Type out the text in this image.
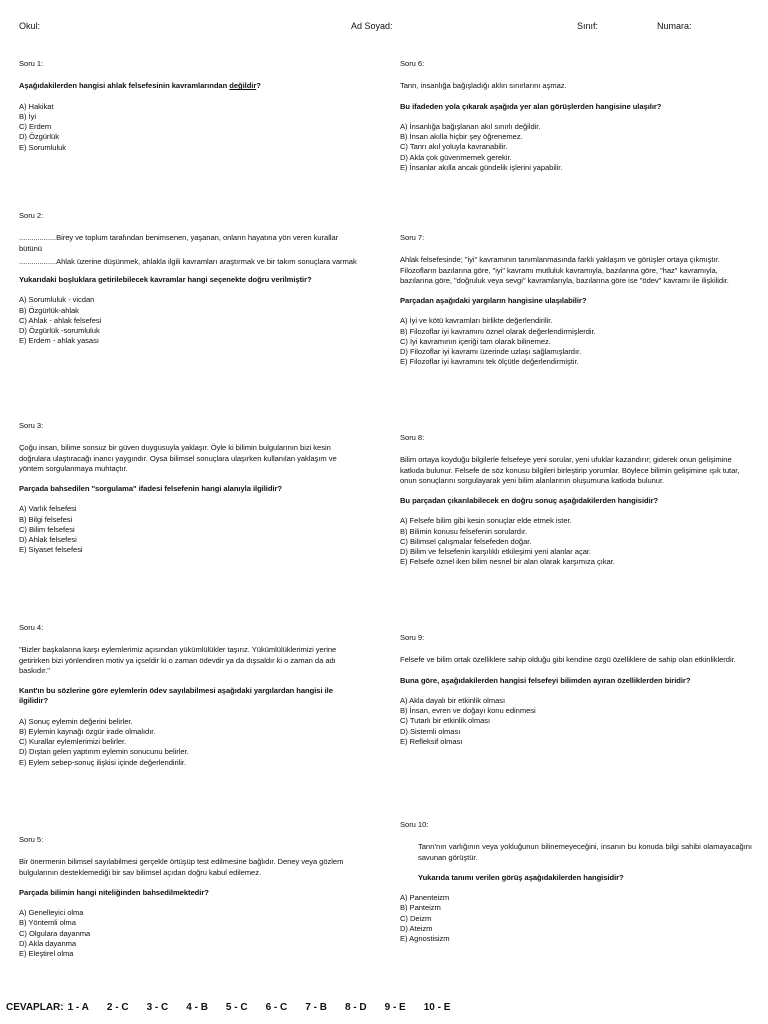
Okul:	Ad Soyad:	Sınıf:	Numara:
Soru 1:
Aşağıdakilerden hangisi ahlak felsefesinin kavramlarından değildir?
A) Hakikat
B) İyi
C) Erdem
D) Özgürlük
E) Sorumluluk
Soru 2:

..................Birey ve toplum tarafından benimsenen, yaşanan, onların hayatına yön veren kurallar bütünü

..................Ahlak üzerine düşünmek, ahlakla ilgili kavramları araştırmak ve bir takım sonuçlara varmak

Yukarıdaki boşluklara getirilebilecek kavramlar hangi seçenekte doğru verilmiştir?
A) Sorumluluk - vicdan
B) Özgürlük-ahlak
C) Ahlak - ahlak felsefesi
D) Özgürlük -sorumluluk
E) Erdem - ahlak yasası
Soru 3:

Çoğu insan, bilime sonsuz bir güven duygusuyla yaklaşır. Öyle ki bilimin bulgularının bizi kesin doğrulara ulaştıracağı inancı yaygındır. Oysa bilimsel sonuçlara ulaşırken kullanılan yaklaşım ve yöntem sorgulanmaya muhtaçtır.

Parçada bahsedilen "sorgulama" ifadesi felsefenin hangi alanıyla ilgilidir?
A) Varlık felsefesi
B) Bilgi felsefesi
C) Bilim felsefesi
D) Ahlak felsefesi
E) Siyaset felsefesi
Soru 4:

"Bizler başkalarına karşı eylemlerimiz açısından yükümlülükler taşırız. Yükümlülüklerimizi yerine getirirken bizi yönlendiren motiv ya içseldir ki o zaman ödevdir ya da dışsaldır ki o zaman da adı baskıdır."

Kant'ın bu sözlerine göre eylemlerin ödev sayılabilmesi aşağıdaki yargılardan hangisi ile ilgilidir?
A) Sonuç eylemin değerini belirler.
B) Eylemin kaynağı özgür irade olmalıdır.
C) Kurallar eylemlerimizi belirler.
D) Dıştan gelen yaptırım eylemin sonucunu belirler.
E) Eylem sebep-sonuç ilişkisi içinde değerlendirilir.
Soru 5:

Bir önermenin bilimsel sayılabilmesi gerçekle örtüşüp test edilmesine bağlıdır. Deney veya gözlem bulgularının desteklemediği bir sav bilimsel açıdan doğru kabul edilemez.

Parçada bilimin hangi niteliğinden bahsedilmektedir?
A) Genelleyici olma
B) Yöntemli olma
C) Olgulara dayanma
D) Akla dayanma
E) Eleştirel olma
Soru 6:

Tanrı, insanlığa bağışladığı aklın sınırlarını aşmaz.

Bu ifadeden yola çıkarak aşağıda yer alan görüşlerden hangisine ulaşılır?
A) İnsanlığa bağışlanan akıl sınırlı değildir.
B) İnsan akılla hiçbir şey öğrenemez.
C) Tanrı akıl yoluyla kavranabilir.
D) Akla çok güvenmemek gerekir.
E) İnsanlar akılla ancak gündelik işlerini yapabilir.
Soru 7:

Ahlak felsefesinde; "iyi" kavramının tanımlanmasında farklı yaklaşım ve görüşler ortaya çıkmıştır. Filozofların bazılarına göre, "iyi" kavramı mutluluk kavramıyla, bazılarına göre, "haz" kavramıyla, bazılarına göre, "doğruluk veya sevgi" kavramlarıyla, bazılarına göre ise "ödev" kavramı ile ilişkilidir.

Parçadan aşağıdaki yargıların hangisine ulaşılabilir?
A) İyi ve kötü kavramları birlikte değerlendirilir.
B) Filozoflar iyi kavramını öznel olarak değerlendirmişlerdir.
C) İyi kavramının içeriği tam olarak bilinemez.
D) Filozoflar iyi kavramı üzerinde uzlaşı sağlamışlardır.
E) Filozoflar iyi kavramını tek ölçütle değerlendirmiştir.
Soru 8:

Bilim ortaya koyduğu bilgilerle felsefeye yeni sorular, yeni ufuklar kazandırır; giderek onun gelişimine katkıda bulunur. Felsefe de söz konusu bilgileri birleştirip yorumlar. Böylece bilimin gelişimine ışık tutar, onun sonuçlarını sorgulayarak yeni bilim alanlarının oluşumuna katkıda bulunur.

Bu parçadan çıkarılabilecek en doğru sonuç aşağıdakilerden hangisidir?
A) Felsefe bilim gibi kesin sonuçlar elde etmek ister.
B) Bilimin konusu felsefenin sorulardır.
C) Bilimsel çalışmalar felsefeden doğar.
D) Bilim ve felsefenin karşılıklı etkileşimi yeni alanlar açar.
E) Felsefe öznel iken bilim nesnel bir alan olarak karşımıza çıkar.
Soru 9:

Felsefe ve bilim ortak özelliklere sahip olduğu gibi kendine özgü özelliklere de sahip olan etkinliklerdir.

Buna göre, aşağıdakilerden hangisi felsefeyi bilimden ayıran özelliklerden biridir?
A) Akla dayalı bir etkinlik olması
B) İnsan, evren ve doğayı konu edinmesi
C) Tutarlı bir etkinlik olması
D) Sistemli olması
E) Refleksif olması
Soru 10:

Tanrı'nın varlığının veya yokluğunun bilinemeyeceğini, insanın bu konuda bilgi sahibi olamayacağını savunan görüştür.

Yukarıda tanımı verilen görüş aşağıdakilerden hangisidir?
A) Panenteizm
B) Panteizm
C) Deizm
D) Ateizm
E) Agnostisizm
CEVAPLAR: 1 - A 2 - C 3 - C 4 - B 5 - C 6 - C 7 - B 8 - D 9 - E 10 - E
